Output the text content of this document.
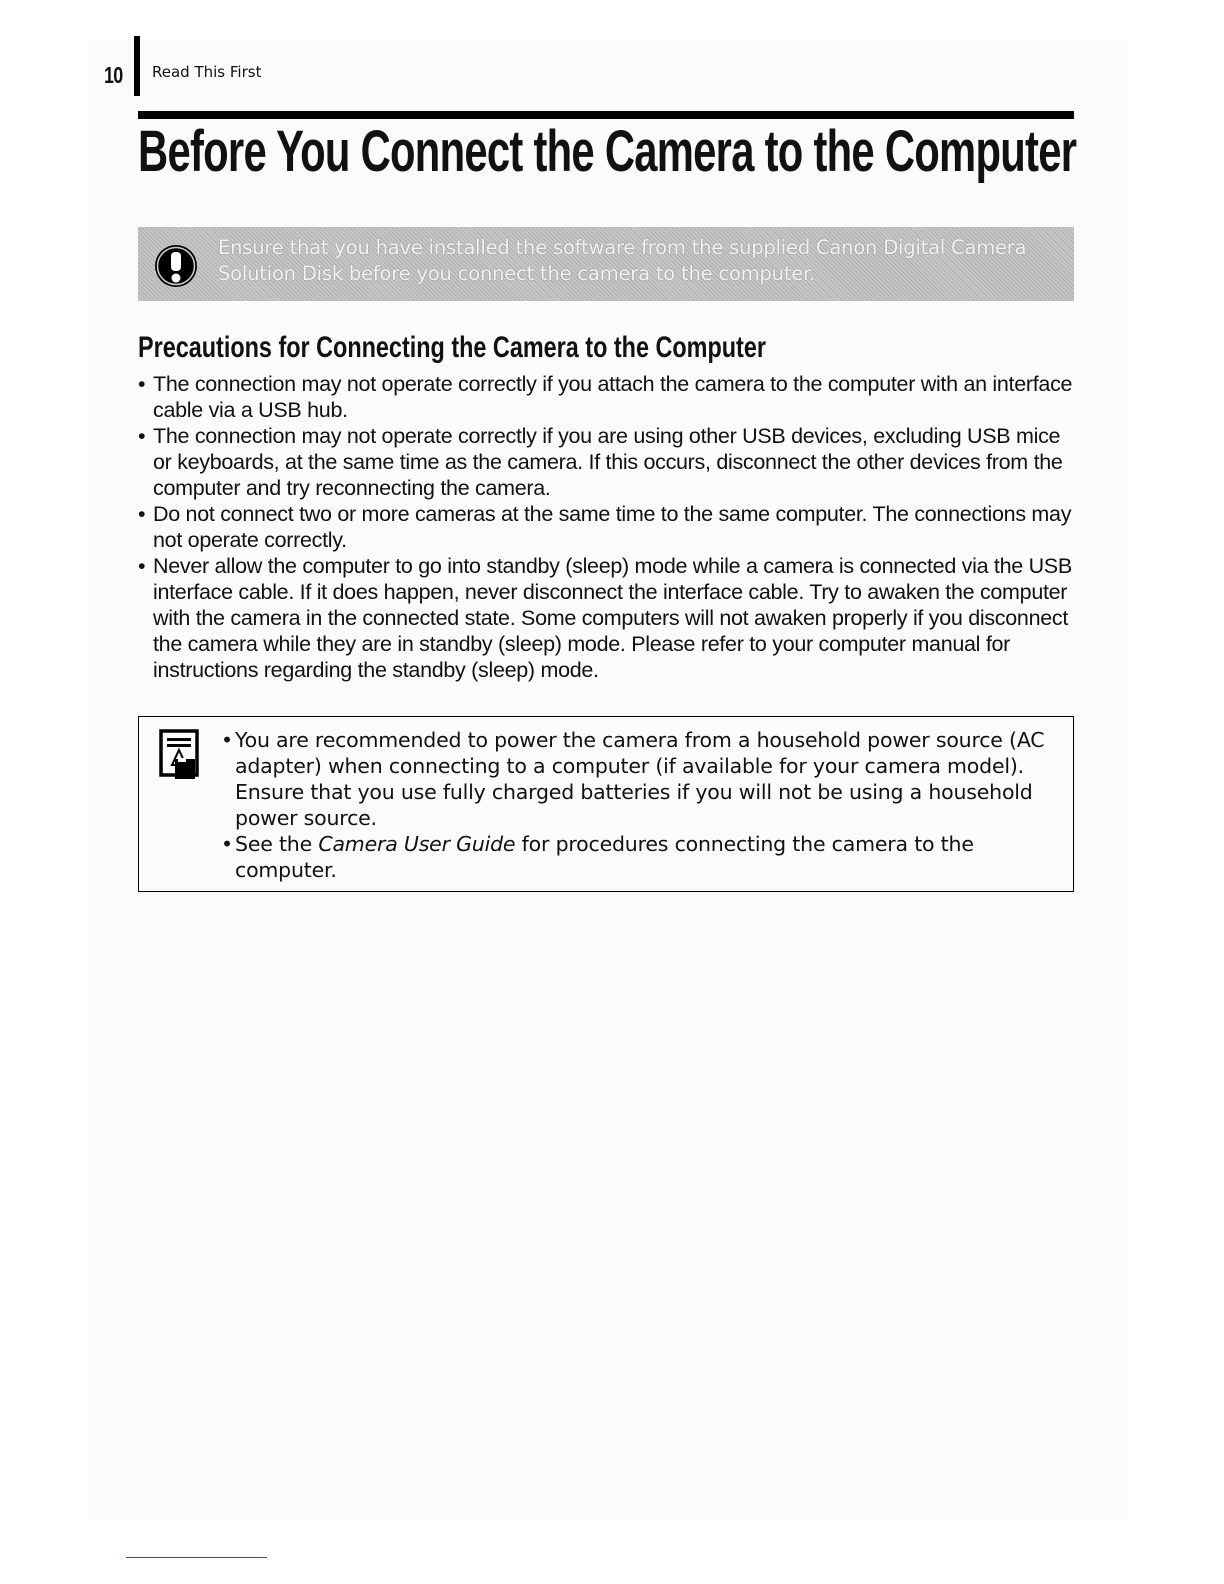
10 Read This First
Before You Connect the Camera to the Computer
Ensure that you have installed the software from the supplied Canon Digital Camera Solution Disk before you connect the camera to the computer.
Precautions for Connecting the Camera to the Computer
• The connection may not operate correctly if you attach the camera to the computer with an interface cable via a USB hub.
• The connection may not operate correctly if you are using other USB devices, excluding USB mice or keyboards, at the same time as the camera. If this occurs, disconnect the other devices from the computer and try reconnecting the camera.
• Do not connect two or more cameras at the same time to the same computer. The connections may not operate correctly.
• Never allow the computer to go into standby (sleep) mode while a camera is connected via the USB interface cable. If it does happen, never disconnect the interface cable. Try to awaken the computer with the camera in the connected state. Some computers will not awaken properly if you disconnect the camera while they are in standby (sleep) mode. Please refer to your computer manual for instructions regarding the standby (sleep) mode.
• You are recommended to power the camera from a household power source (AC adapter) when connecting to a computer (if available for your camera model). Ensure that you use fully charged batteries if you will not be using a household power source.
• See the Camera User Guide for procedures connecting the camera to the computer.
